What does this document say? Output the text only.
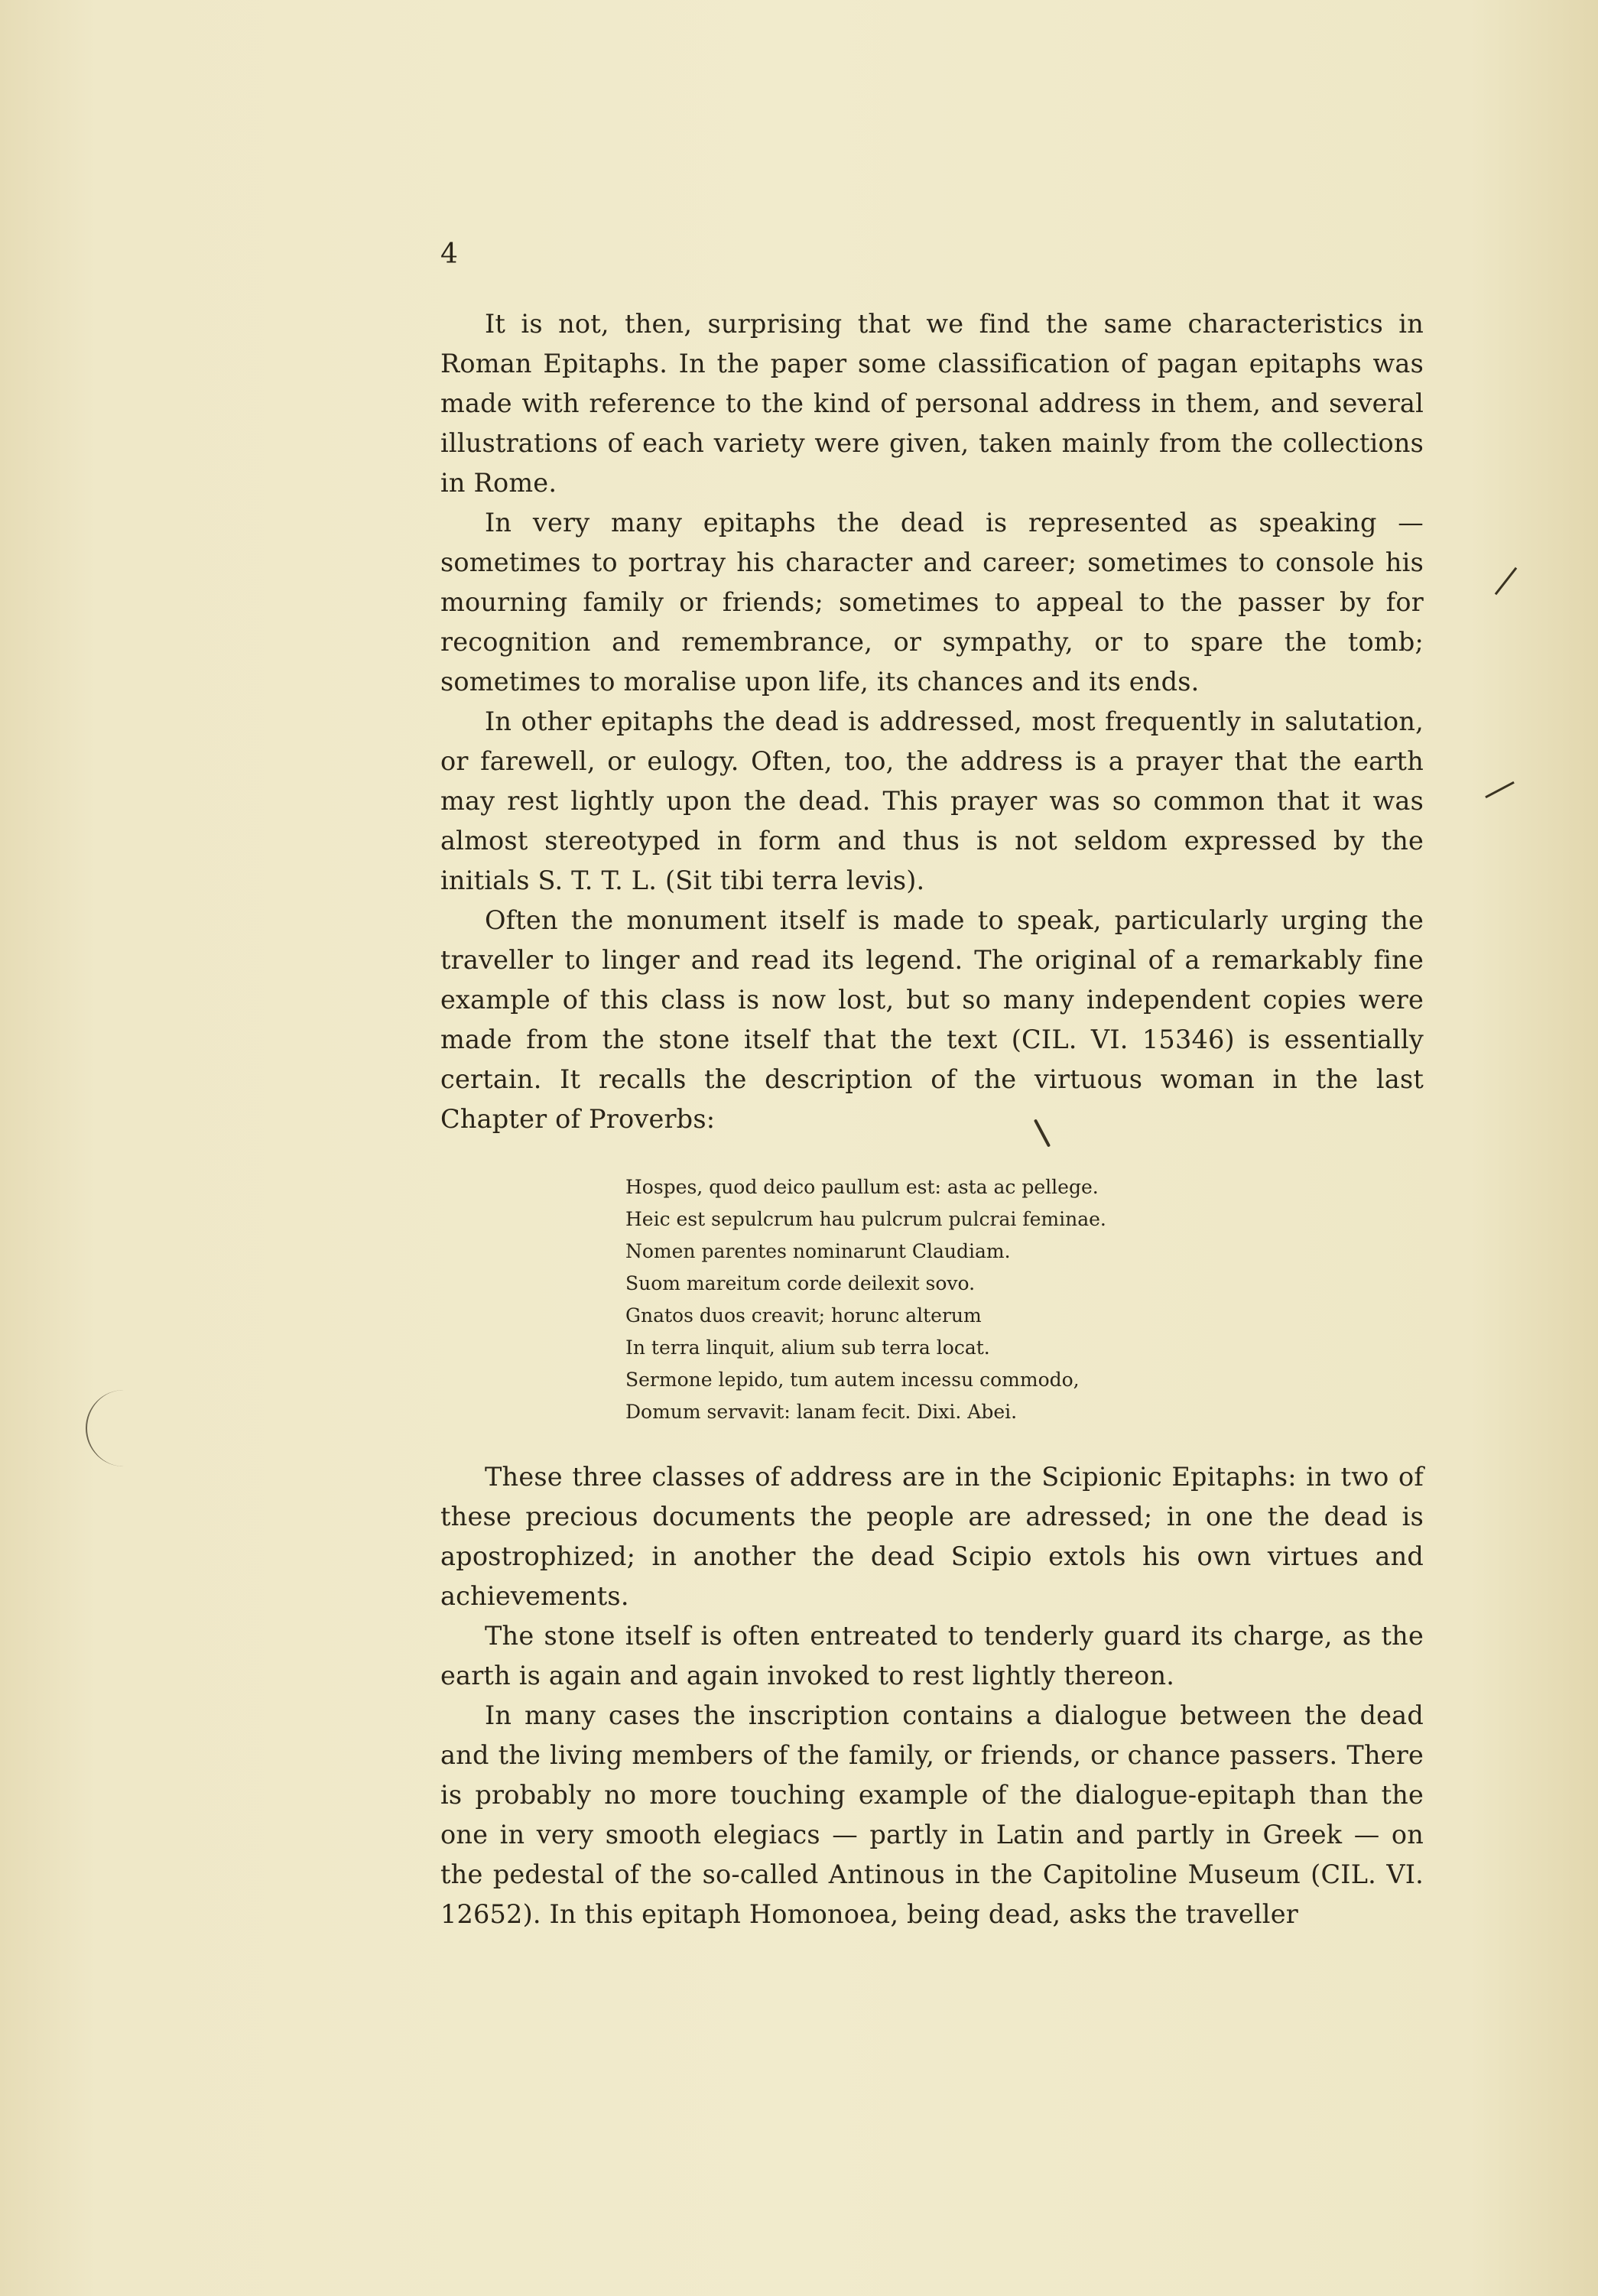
4

It is not, then, surprising that we find the same characteristics in Roman Epitaphs. In the paper some classification of pagan epitaphs was made with reference to the kind of personal address in them, and several illustrations of each variety were given, taken mainly from the collections in Rome.

In very many epitaphs the dead is represented as speaking — sometimes to portray his character and career; sometimes to console his mourning family or friends; sometimes to appeal to the passer by for recognition and remembrance, or sympathy, or to spare the tomb; sometimes to moralise upon life, its chances and its ends.

In other epitaphs the dead is addressed, most frequently in salutation, or farewell, or eulogy. Often, too, the address is a prayer that the earth may rest lightly upon the dead. This prayer was so common that it was almost stereotyped in form and thus is not seldom expressed by the initials S. T. T. L. (Sit tibi terra levis).

Often the monument itself is made to speak, particularly urging the traveller to linger and read its legend. The original of a remarkably fine example of this class is now lost, but so many independent copies were made from the stone itself that the text (CIL. VI. 15346) is essentially certain. It recalls the description of the virtuous woman in the last Chapter of Proverbs:

Hospes, quod deico paullum est: asta ac pellege.
Heic est sepulcrum hau pulcrum pulcrai feminae.
Nomen parentes nominarunt Claudiam.
Suom mareitum corde deilexit sovo.
Gnatos duos creavit; horunc alterum
In terra linquit, alium sub terra locat.
Sermone lepido, tum autem incessu commodo,
Domum servavit: lanam fecit. Dixi. Abei.

These three classes of address are in the Scipionic Epitaphs: in two of these precious documents the people are adressed; in one the dead is apostrophized; in another the dead Scipio extols his own virtues and achievements.

The stone itself is often entreated to tenderly guard its charge, as the earth is again and again invoked to rest lightly thereon.

In many cases the inscription contains a dialogue between the dead and the living members of the family, or friends, or chance passers. There is probably no more touching example of the dialogue-epitaph than the one in very smooth elegiacs — partly in Latin and partly in Greek — on the pedestal of the so-called Antinous in the Capitoline Museum (CIL. VI. 12652). In this epitaph Homonoea, being dead, asks the traveller
